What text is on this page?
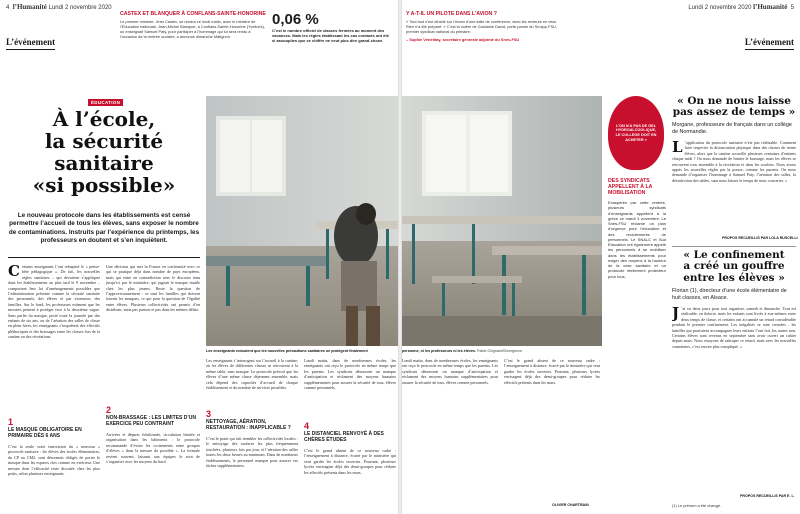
4 l’Humanité Lundi 2 novembre 2020
L’événement
CASTEX ET BLANQUER À CONFLANS-SAINTE-HONORINE
Le premier ministre, Jean Castex, se rendra ce lundi matin, avec le ministre de l’Éducation nationale, Jean-Michel Blanquer, à Conflans-Sainte-Honorine (Yvelines), où enseignait Samuel Paty, pour participer à l’hommage qui lui sera rendu à l’occasion de la rentrée scolaire, a annoncé dimanche Matignon.
0,06 %
C’est le nombre officiel de classes fermées au moment des vacances. Mais les règles établissant les cas contacts ont été si assouplies que ce chiffre ne veut plus dire grand-chose.
ÉDUCATION
À l’école,
la sécurité
sanitaire
«si possible»
Le nouveau protocole dans les établissements est censé permettre l’accueil de tous les élèves, sans exposer le nombre de contaminations. Instruits par l’expérience du printemps, les professeurs en doutent et s’en inquiètent.
Certains enseignants l’ont rebaptisé le « pense-bête pédagogique ». De fait, les nouvelles règles sanitaires – qui devraient s’appliquer dans les établissements au plus tard le 9 novembre – comportent leur lot d’aménagements possibles que l’administration présente comme la sécurité sanitaire des personnels, des élèves et par extension, des familles. Sur le fond, les professeurs estiment que les mesures peinent à protéger face à la deuxième vague. Sans parler du masque, porté toute la journée par des enfants de six ans, ou de l’aération des salles de classe en plein hiver, les enseignants s’inquiètent des effectifs pléthoriques et des brassages entre les classes lors de la cantine ou des récréations.
1
LE MASQUE OBLIGATOIRE EN PRIMAIRE DÈS 6 ANS
C’est la seule vraie innovation du « nouveau » protocole sanitaire : les élèves des écoles élémentaires, du CP au CM2, sont désormais obligés de porter le masque dans les espaces clos comme en extérieur. Une mesure dont l’efficacité reste discutée chez les plus petits, selon plusieurs enseignants.
Une décision qui met la France en conformité avec ce qui se pratique déjà dans nombre de pays européens, mais qui entre en contradiction avec le discours tenu jusqu’ici par le ministère, qui jugeait le masque inutile chez les plus jeunes. Reste la question de l’approvisionnement : ce sont les familles qui doivent fournir les masques, ce qui pose la question de l’égalité entre élèves. Plusieurs collectivités ont promis d’en distribuer, mais pas partout et pas dans les mêmes délais.
2
NON-BRASSAGE : LES LIMITES D’UN EXERCICE PEU CONTRAINT
Arrivées et départs échelonnés, circulation limitée et organisation dans les bâtiments : le protocole recommande d’éviter les croisements entre groupes d’élèves « dans la mesure du possible ». La formule revient souvent, laissant aux équipes le soin de s’organiser avec les moyens du bord.
Les enseignants redoutent que les nouvelles précautions sanitaires ne protègent finalement
Les enseignants s’interrogent sur l’accueil à la cantine, où les élèves de différentes classes se retrouvent à la même table, sans masque. Le protocole prévoit que les élèves d’une même classe déjeunent ensemble, mais cela dépend des capacités d’accueil de chaque établissement et du nombre de services possibles.
3
NETTOYAGE, AÉRATION, RESTAURATION : INAPPLICABLE ?
C’est le point qui fait trembler les collectivités locales : le nettoyage des surfaces les plus fréquemment touchées, plusieurs fois par jour, et l’aération des salles toutes les deux heures au minimum. Dans de nombreux établissements, le personnel manque pour assurer ces tâches supplémentaires.
Lundi matin, dans de nombreuses écoles, les enseignants ont reçu le protocole en même temps que les parents. Les syndicats dénoncent un manque d’anticipation et réclament des moyens humains supplémentaires pour assurer la sécurité de tous, élèves comme personnels.
4
LE DISTANCIEL RENVOYÉ À DES CHÈRES ÉTUDES
C’est le grand absent de ce nouveau cadre : l’enseignement à distance, écarté par le ministère qui veut garder les écoles ouvertes. Pourtant, plusieurs lycées envisagent déjà des demi-groupes pour réduire les effectifs présents dans les murs.
Lundi 2 novembre 2020 l’Humanité 5
L’événement
Y A-T-IL UN PILOTE DANS L’AVION ?
« Tout tout s’est décidé sur l’écran d’une salle de conférence, avec les recteurs en visio. Rien n’a été préparé. » C’est la colère de Guislaine David, porte-parole du Snuipp-FSU, premier syndicat national du primaire.
– Sophie Vénétitay, secrétaire générale adjointe du Snes-FSU
personne, ni les professeurs ni les élèves. Pablo Chignard/Divergence
Lundi matin, dans de nombreuses écoles, les enseignants ont reçu le protocole en même temps que les parents. Les syndicats dénoncent un manque d’anticipation et réclament des moyens humains supplémentaires pour assurer la sécurité de tous, élèves comme personnels.
C’est le grand absent de ce nouveau cadre : l’enseignement à distance, écarté par le ministère qui veut garder les écoles ouvertes. Pourtant, plusieurs lycées envisagent déjà des demi-groupes pour réduire les effectifs présents dans les murs.
OLIVIER CHARTRAIN
L’ON N’A PAS DE GEL HYDROALCOOLIQUE, LE COLLÈGE DOIT EN ACHETER »
DES SYNDICATS APPELLENT À LA MOBILISATION
Exaspérés par cette rentrée, plusieurs syndicats d’enseignants appellent à la grève ce mardi 3 novembre. Le Snes-FSU réclame un plan d’urgence pour l’éducation et des recrutements de personnels. Le SNALC et Sud Éducation ont également appelé les personnels à se mobiliser dans les établissements pour exiger des moyens à la hauteur de la crise sanitaire et un protocole réellement protecteur pour tous.
« On ne nous laisse
pas assez de temps »
Morgane, professeure de français dans un collège de Normandie.
L ’application du protocole sanitaire n’est pas réalisable. Comment faire respecter la distanciation physique dans des classes de trente élèves, alors que la cantine accueille plusieurs centaines d’enfants chaque midi ? On nous demande de limiter le brassage, mais les élèves se retrouvent tous ensemble à la récréation et dans les couloirs. Nous avons appris les nouvelles règles par la presse, comme les parents. On nous demande d’organiser l’hommage à Samuel Paty, l’aération des salles, la désinfection des tables, sans nous laisser le temps de nous concerter. »
PROPOS RECUEILLIS PAR LOLA RUSCELLI
« Le confinement
a créé un gouffre
entre les élèves »
Florian (1), directeur d’une école élémentaire de huit classes, en Alsace.
J ’ai vu deux jours pour tout organiser, samedi et dimanche. Tout est réalisable, en théorie, mais les enfants sont livrés à eux-mêmes entre deux temps de classe, et certains ont accumulé un retard considérable pendant le premier confinement. Les inégalités se sont creusées : les familles qui pouvaient accompagner leurs enfants l’ont fait, les autres non. Certains élèves sont revenus en septembre sans avoir ouvert un cahier depuis mars. Nous essayons de rattraper ce retard, mais avec les nouvelles contraintes, c’est encore plus compliqué. »
PROPOS RECUEILLIS PAR E. L.
(1) Le prénom a été changé.
